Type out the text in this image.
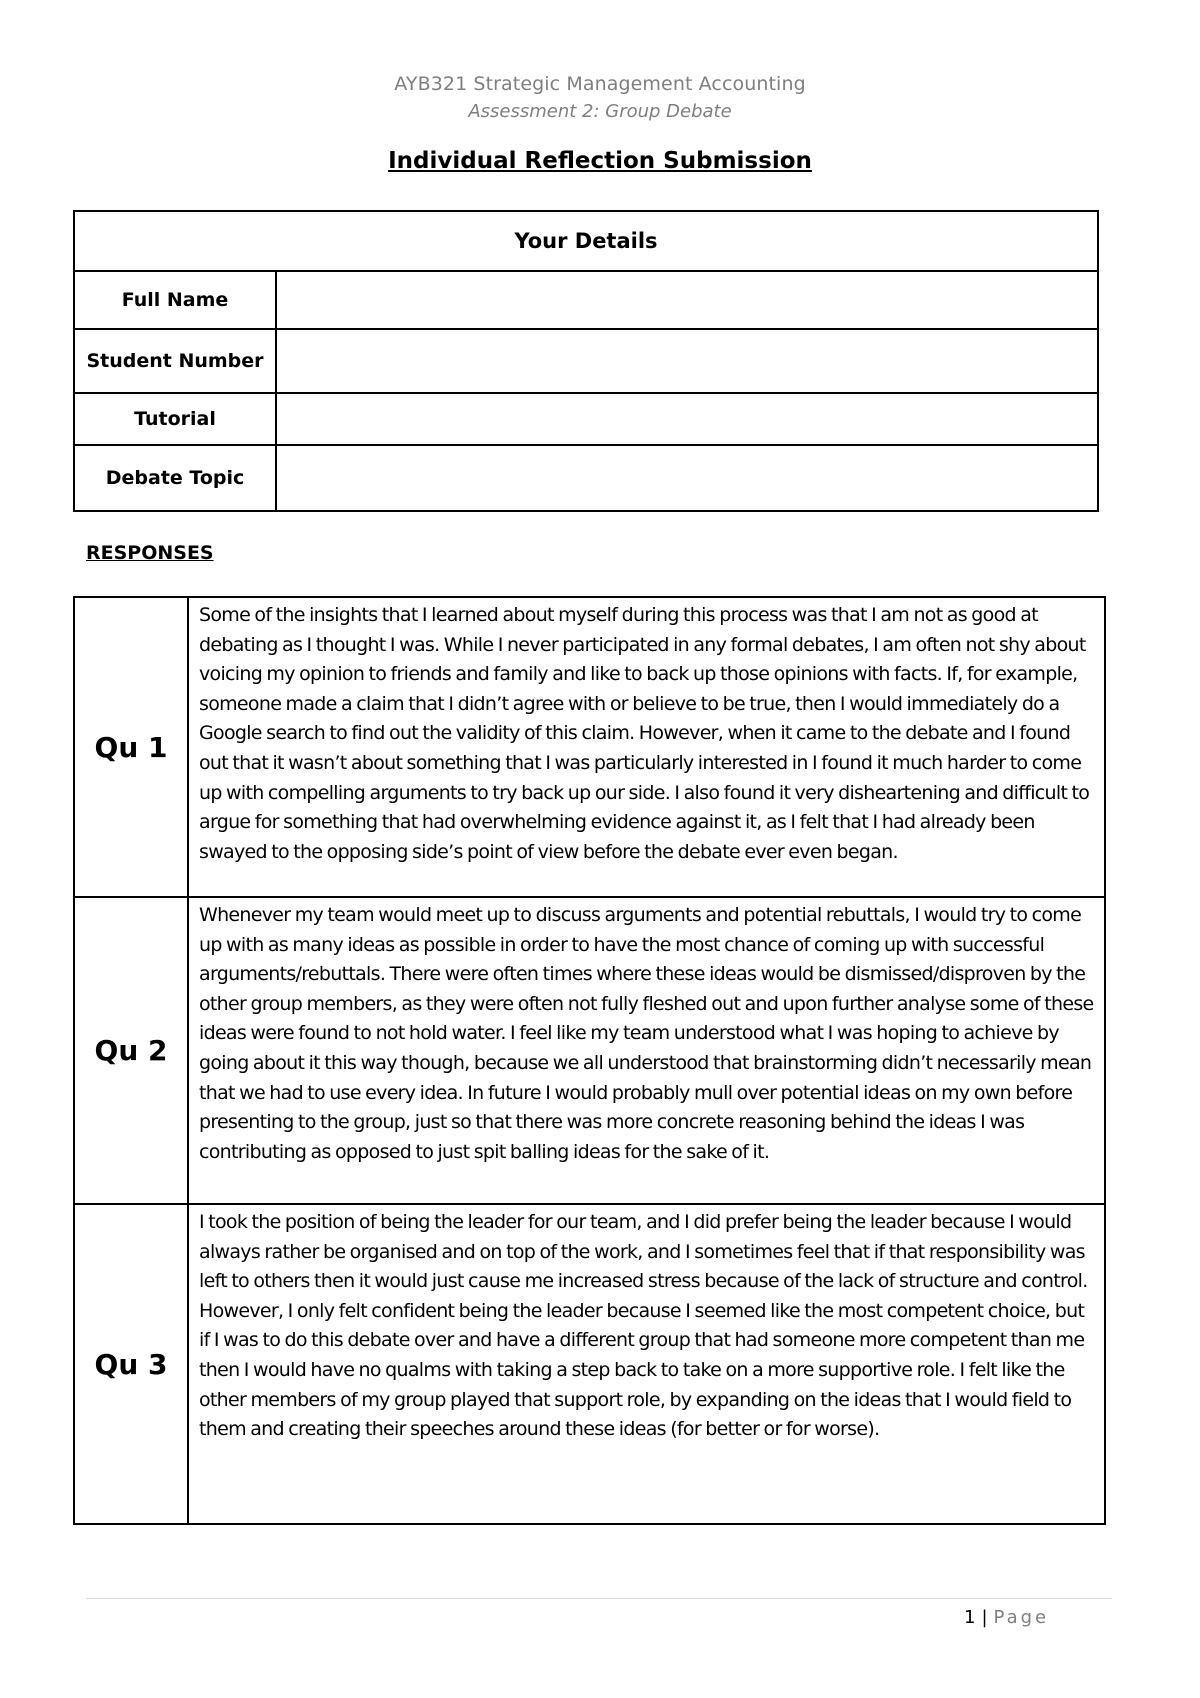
AYB321 Strategic Management Accounting
Assessment 2: Group Debate
Individual Reflection Submission
Your Details	
Full Name	
Student Number	
Tutorial	
Debate Topic	
RESPONSES
Qu 1	Some of the insights that I learned about myself during this process was that I am not as good at debating as I thought I was. While I never participated in any formal debates, I am often not shy about voicing my opinion to friends and family and like to back up those opinions with facts. If, for example, someone made a claim that I didn’t agree with or believe to be true, then I would immediately do a Google search to find out the validity of this claim. However, when it came to the debate and I found out that it wasn’t about something that I was particularly interested in I found it much harder to come up with compelling arguments to try back up our side. I also found it very disheartening and difficult to argue for something that had overwhelming evidence against it, as I felt that I had already been swayed to the opposing side’s point of view before the debate ever even began.
Qu 2	Whenever my team would meet up to discuss arguments and potential rebuttals, I would try to come up with as many ideas as possible in order to have the most chance of coming up with successful arguments/rebuttals. There were often times where these ideas would be dismissed/disproven by the other group members, as they were often not fully fleshed out and upon further analyse some of these ideas were found to not hold water. I feel like my team understood what I was hoping to achieve by going about it this way though, because we all understood that brainstorming didn’t necessarily mean that we had to use every idea. In future I would probably mull over potential ideas on my own before presenting to the group, just so that there was more concrete reasoning behind the ideas I was contributing as opposed to just spit balling ideas for the sake of it.
Qu 3	I took the position of being the leader for our team, and I did prefer being the leader because I would always rather be organised and on top of the work, and I sometimes feel that if that responsibility was left to others then it would just cause me increased stress because of the lack of structure and control. However, I only felt confident being the leader because I seemed like the most competent choice, but if I was to do this debate over and have a different group that had someone more competent than me then I would have no qualms with taking a step back to take on a more supportive role. I felt like the other members of my group played that support role, by expanding on the ideas that I would field to them and creating their speeches around these ideas (for better or for worse).
1 | Page
